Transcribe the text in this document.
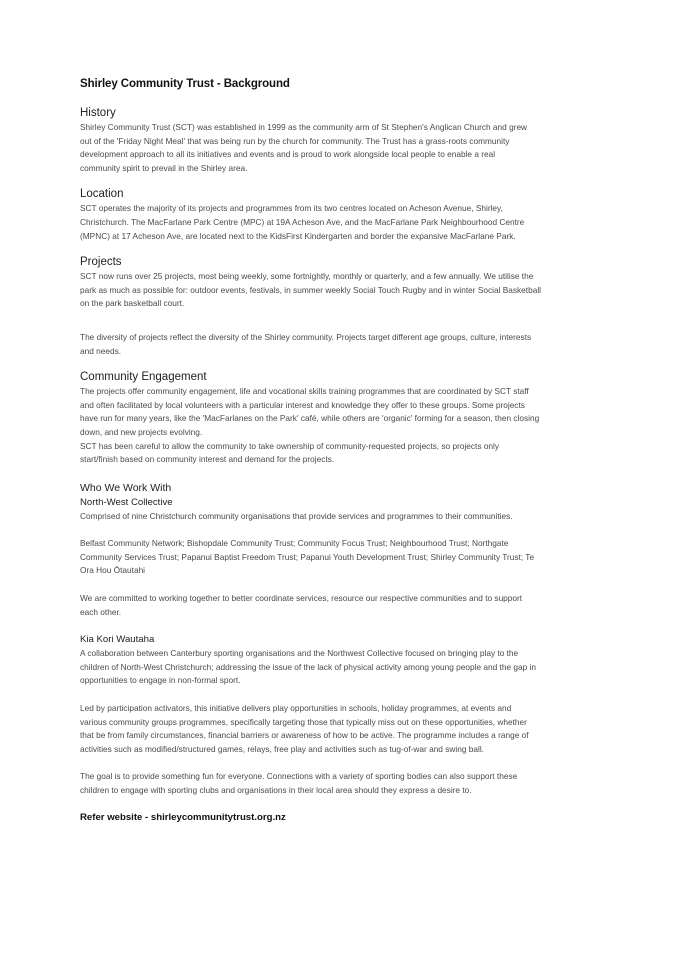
Shirley Community Trust - Background
History

Shirley Community Trust (SCT) was established in 1999 as the community arm of St Stephen's Anglican Church and grew
out of the 'Friday Night Meal' that was being run by the church for community. The Trust has a grass-roots community
development approach to all its initiatives and events and is proud to work alongside local people to enable a real
community spirit to prevail in the Shirley area.

Location

SCT operates the majority of its projects and programmes from its two centres located on Acheson Avenue, Shirley,
Christchurch. The MacFarlane Park Centre (MPC) at 19A Acheson Ave, and the MacFarlane Park Neighbourhood Centre
(MPNC) at 17 Acheson Ave, are located next to the KidsFirst Kindergarten and border the expansive MacFarlane Park.

Projects

SCT now runs over 25 projects, most being weekly, some fortnightly, monthly or quarterly, and a few annually. We utilise the
park as much as possible for: outdoor events, festivals, in summer weekly Social Touch Rugby and in winter Social Basketball
on the park basketball court.

The diversity of projects reflect the diversity of the Shirley community. Projects target different age groups, culture, interests
and needs.

Community Engagement

The projects offer community engagement, life and vocational skills training programmes that are coordinated by SCT staff
and often facilitated by local volunteers with a particular interest and knowledge they offer to these groups. Some projects
have run for many years, like the 'MacFarlanes on the Park' café, while others are 'organic' forming for a season, then closing
down, and new projects evolving.
SCT has been careful to allow the community to take ownership of community-requested projects, so projects only
start/finish based on community interest and demand for the projects.

Who We Work With
North-West Collective

Comprised of nine Christchurch community organisations that provide services and programmes to their communities.

Belfast Community Network; Bishopdale Community Trust; Community Focus Trust; Neighbourhood Trust; Northgate
Community Services Trust; Papanui Baptist Freedom Trust; Papanui Youth Development Trust; Shirley Community Trust; Te
Ora Hou Ōtautahi

We are committed to working together to better coordinate services, resource our respective communities and to support
each other.

Kia Kori Wautaha

A collaboration between Canterbury sporting organisations and the Northwest Collective focused on bringing play to the
children of North-West Christchurch; addressing the issue of the lack of physical activity among young people and the gap in
opportunities to engage in non-formal sport.

Led by participation activators, this initiative delivers play opportunities in schools, holiday programmes, at events and
various community groups programmes, specifically targeting those that typically miss out on these opportunities, whether
that be from family circumstances, financial barriers or awareness of how to be active. The programme includes a range of
activities such as modified/structured games, relays, free play and activities such as tug-of-war and swing ball.

The goal is to provide something fun for everyone. Connections with a variety of sporting bodies can also support these
children to engage with sporting clubs and organisations in their local area should they express a desire to.

Refer website - shirleycommunitytrust.org.nz
